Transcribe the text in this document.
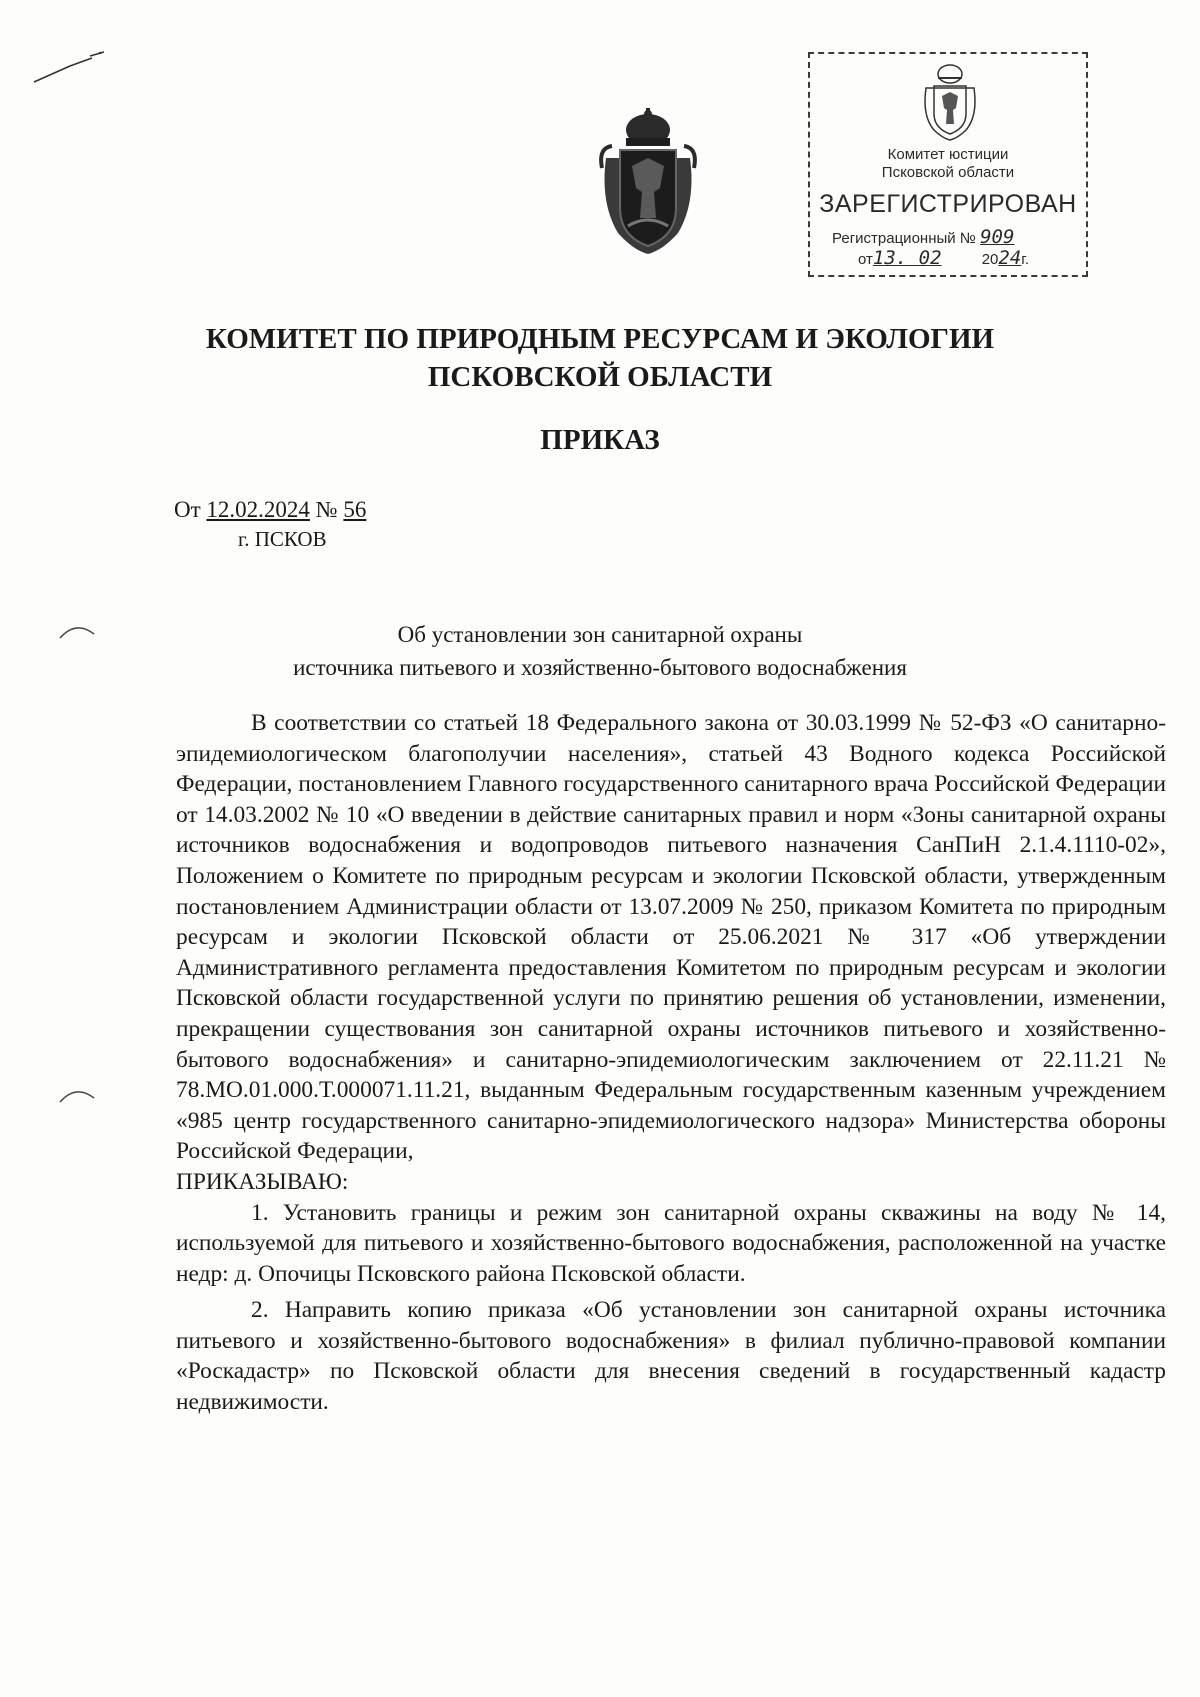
Комитет юстиции
Псковской области
ЗАРЕГИСТРИРОВАН
Регистрационный № 909
от13. 02	2024г.
КОМИТЕТ ПО ПРИРОДНЫМ РЕСУРСАМ И ЭКОЛОГИИ
ПСКОВСКОЙ ОБЛАСТИ
ПРИКАЗ
От 12.02.2024 № 56
г. ПСКОВ
Об установлении зон санитарной охраны
источника питьевого и хозяйственно-бытового водоснабжения

В соответствии со статьей 18 Федерального закона от 30.03.1999 № 52-ФЗ «О санитарно-эпидемиологическом благополучии населения», статьей 43 Водного кодекса Российской Федерации, постановлением Главного государственного санитарного врача Российской Федерации от 14.03.2002 № 10 «О введении в действие санитарных правил и норм «Зоны санитарной охраны источников водоснабжения и водопроводов питьевого назначения СанПиН 2.1.4.1110-02», Положением о Комитете по природным ресурсам и экологии Псковской области, утвержденным постановлением Администрации области от 13.07.2009 № 250, приказом Комитета по природным ресурсам и экологии Псковской области от 25.06.2021 № 317 «Об утверждении Административного регламента предоставления Комитетом по природным ресурсам и экологии Псковской области государственной услуги по принятию решения об установлении, изменении, прекращении существования зон санитарной охраны источников питьевого и хозяйственно-бытового водоснабжения» и санитарно-эпидемиологическим заключением от 22.11.21 № 78.МО.01.000.Т.000071.11.21, выданным Федеральным государственным казенным учреждением «985 центр государственного санитарно-эпидемиологического надзора» Министерства обороны Российской Федерации,

ПРИКАЗЫВАЮ:

1. Установить границы и режим зон санитарной охраны скважины на воду № 14, используемой для питьевого и хозяйственно-бытового водоснабжения, расположенной на участке недр: д. Опочицы Псковского района Псковской области.

2. Направить копию приказа «Об установлении зон санитарной охраны источника питьевого и хозяйственно-бытового водоснабжения» в филиал публично-правовой компании «Роскадастр» по Псковской области для внесения сведений в государственный кадастр недвижимости.
